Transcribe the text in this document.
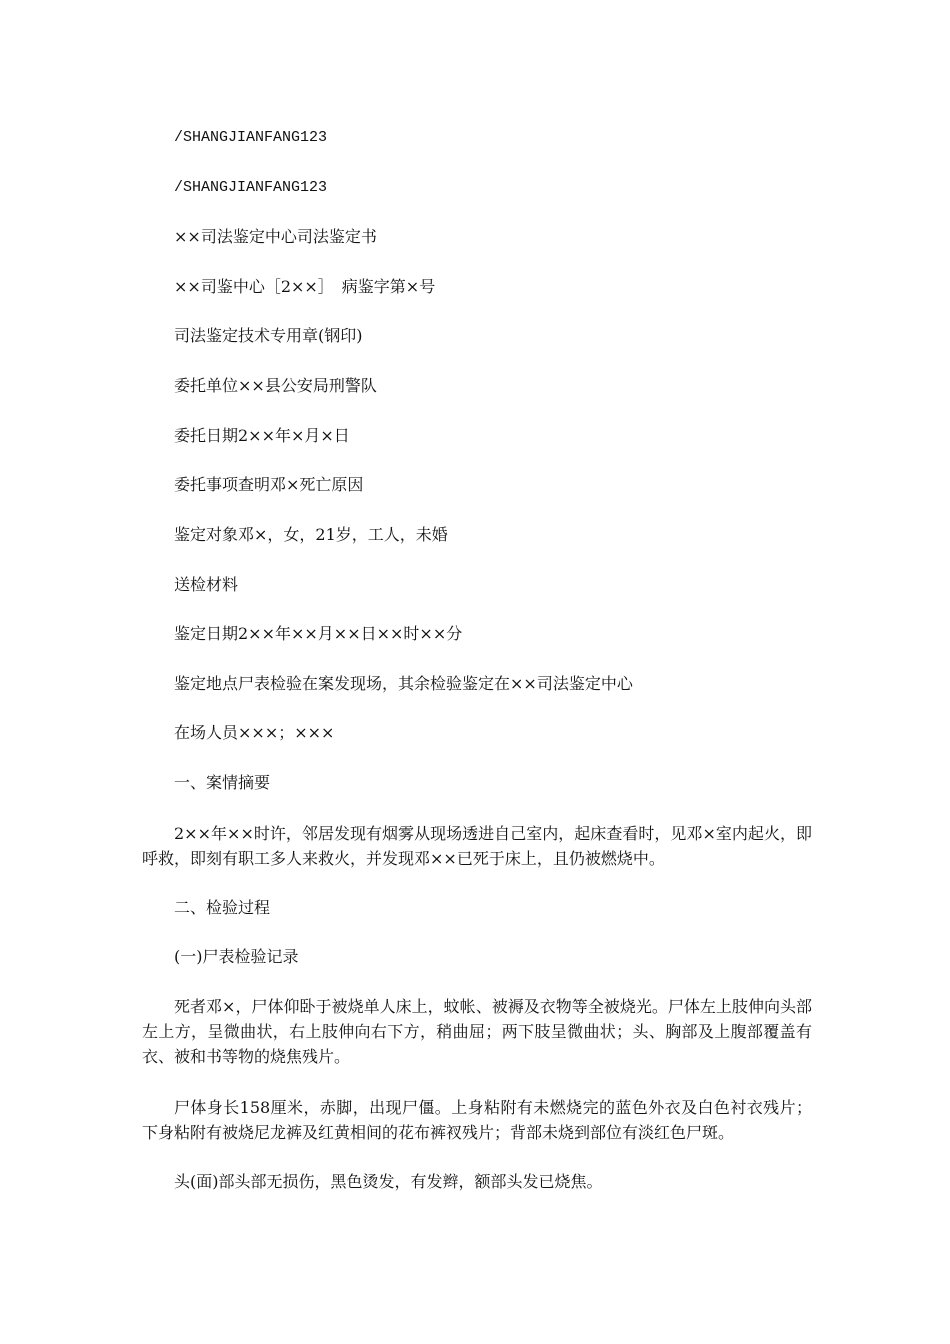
/SHANGJIANFANG123

/SHANGJIANFANG123

××司法鉴定中心司法鉴定书

××司鉴中心［2××］　病鉴字第×号

司法鉴定技术专用章(钢印)

委托单位××县公安局刑警队

委托日期2××年×月×日

委托事项查明邓×死亡原因

鉴定对象邓×，女，21岁，工人，未婚

送检材料

鉴定日期2××年××月××日××时××分

鉴定地点尸表检验在案发现场，其余检验鉴定在××司法鉴定中心

在场人员×××；×××

一、案情摘要

2××年××时许，邻居发现有烟雾从现场透进自己室内，起床查看时，见邓×室内起火，即呼救，即刻有职工多人来救火，并发现邓××已死于床上，且仍被燃烧中。

二、检验过程

(一)尸表检验记录

死者邓×，尸体仰卧于被烧单人床上，蚊帐、被褥及衣物等全被烧光。尸体左上肢伸向头部左上方，呈微曲状，右上肢伸向右下方，稍曲屈；两下肢呈微曲状；头、胸部及上腹部覆盖有衣、被和书等物的烧焦残片。

尸体身长158厘米，赤脚，出现尸僵。上身粘附有未燃烧完的蓝色外衣及白色衬衣残片；下身粘附有被烧尼龙裤及红黄相间的花布裤衩残片；背部未烧到部位有淡红色尸斑。

头(面)部头部无损伤，黑色烫发，有发辫，额部头发已烧焦。
